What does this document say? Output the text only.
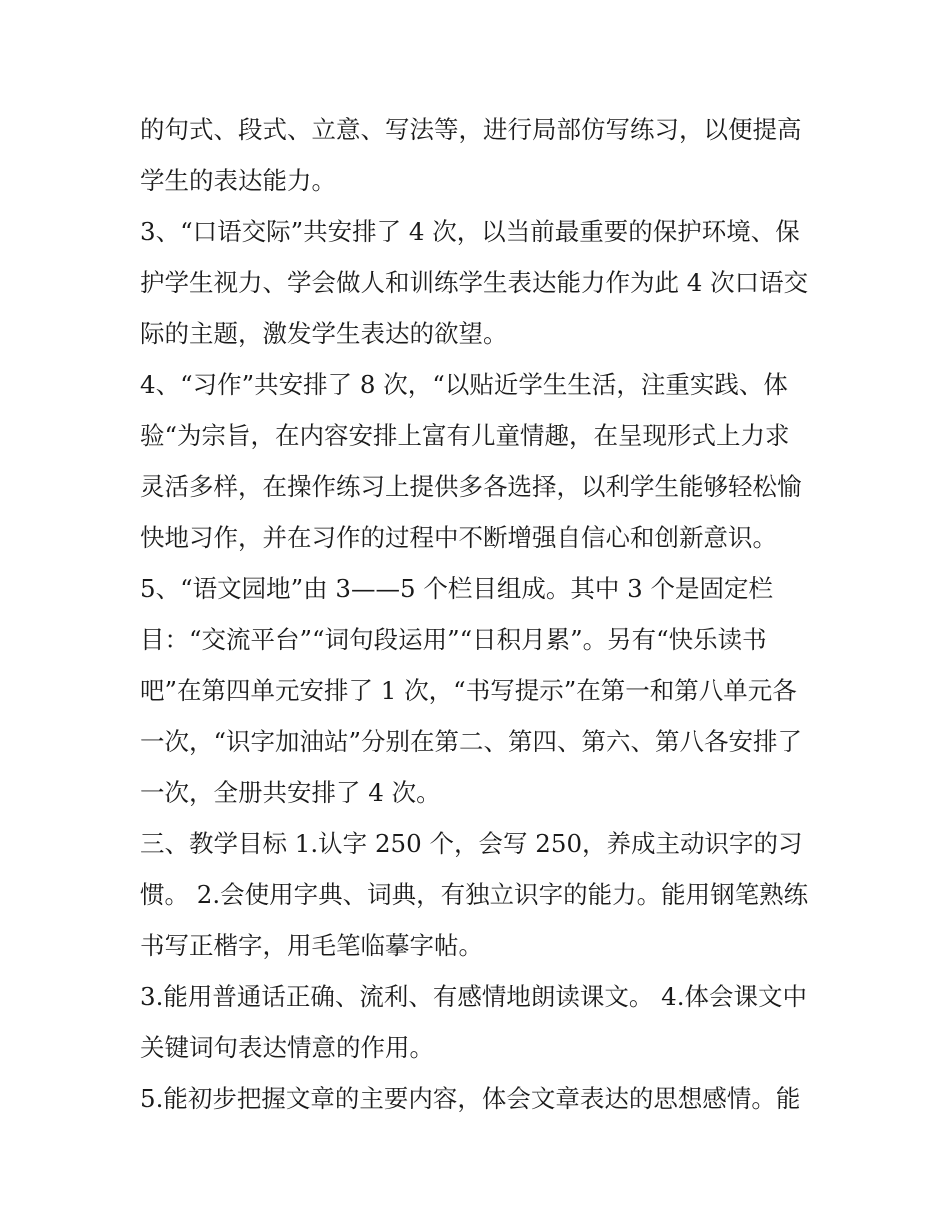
的句式、段式、立意、写法等，进行局部仿写练习，以便提高
学生的表达能力。
3、“口语交际”共安排了 4 次，以当前最重要的保护环境、保
护学生视力、学会做人和训练学生表达能力作为此 4 次口语交
际的主题，激发学生表达的欲望。
4、“习作”共安排了 8 次，“以贴近学生生活，注重实践、体
验“为宗旨，在内容安排上富有儿童情趣，在呈现形式上力求
灵活多样，在操作练习上提供多各选择，以利学生能够轻松愉
快地习作，并在习作的过程中不断增强自信心和创新意识。
5、“语文园地”由 3——5 个栏目组成。其中 3 个是固定栏
目：“交流平台”“词句段运用”“日积月累”。另有“快乐读书
吧”在第四单元安排了 1 次，“书写提示”在第一和第八单元各
一次，“识字加油站”分别在第二、第四、第六、第八各安排了
一次，全册共安排了 4 次。
三、教学目标 1.认字 250 个，会写 250，养成主动识字的习
惯。 2.会使用字典、词典，有独立识字的能力。能用钢笔熟练
书写正楷字，用毛笔临摹字帖。
3.能用普通话正确、流利、有感情地朗读课文。 4.体会课文中
关键词句表达情意的作用。
5.能初步把握文章的主要内容，体会文章表达的思想感情。能
